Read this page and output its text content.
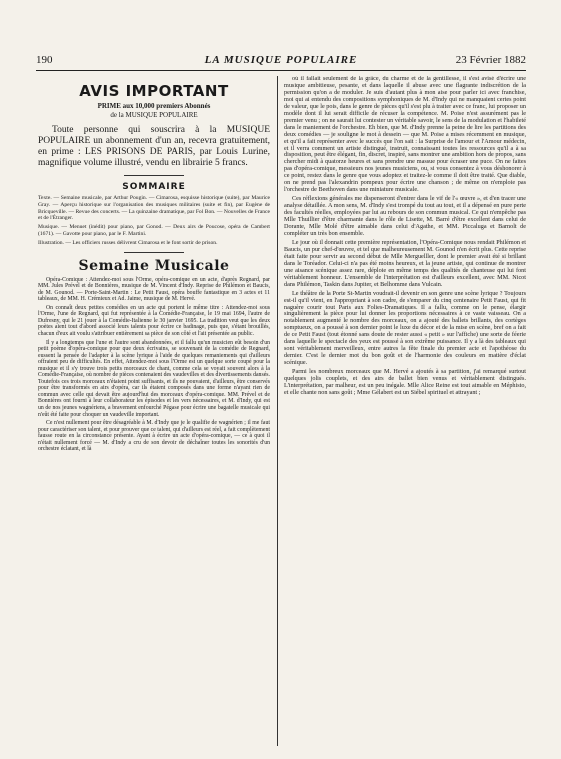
190	LA MUSIQUE POPULAIRE	23 Février 1882
AVIS IMPORTANT
PRIME aux 10,000 premiers Abonnés
de la MUSIQUE POPULAIRE

Toute personne qui souscrira à la MUSIQUE POPULAIRE un abonnement d'un an, recevra gratuitement, en prime : LES PRISONS DE PARIS, par Louis Lurine, magnifique volume illustré, vendu en librairie 5 francs.

SOMMAIRE

Texte. — Semaine musicale, par Arthur Pougin. — Cimarosa, esquisse historique (suite), par Maurice Gray. — Aperçu historique sur l'organisation des musiques militaires (suite et fin), par Eugène de Bricqueville. — Revue des concerts. — La quinzaine dramatique, par Fol Bon. — Nouvelles de France et de l'Étranger.

Musique. — Menuet (inédit) pour piano, par Gonod. — Deux airs de Poucose, opéra de Cambert (1671). — Gavotte pour piano, par le F. Martini.

Illustration. — Les officiers russes délivrent Cimarosa et le font sortir de prison.

Semaine Musicale

Opéra-Comique : Attendez-moi sous l'Orme, opéra-comique en un acte, d'après Regnard, par MM. Jules Prével et de Bonnières, musique de M. Vincent d'Indy. Reprise de Philémon et Baucis, de M. Gounod. — Porte-Saint-Martin : Le Petit Faust, opéra bouffe fantastique en 3 actes et 11 tableaux, de MM. H. Crémieux et Ad. Jaime, musique de M. Hervé.

On connaît deux petites comédies en un acte qui portent le même titre : Attendez-moi sous l'Orme, l'une de Regnard, qui fut représentée à la Comédie-Française, le 19 mai 1694, l'autre de Dufresny, qui le 21 jouer à la Comédie-Italienne le 30 janvier 1695. La tradition veut que les deux poètes aient tout d'abord associé leurs talents pour écrire ce badinage, puis que, s'étant brouillés, chacun d'eux ait voulu s'attribuer entièrement sa pièce de son côté et l'ait présentée au public.

Il y a longtemps que l'une et l'autre sont abandonnées, et il fallu qu'un musicien eût besoin d'un petit poème d'opéra-comique pour que deux écrivains, se souvenant de la comédie de Regnard, eussent la pensée de l'adapter à la scène lyrique à l'aide de quelques remaniements qui d'ailleurs offraient peu de difficultés. En effet, Attendez-moi sous l'Orme est un quelque sorte coupé pour la musique et il s'y trouve trois petits morceaux de chant, comme cela se voyait souvent alors à la Comédie-Française, où nombre de pièces contenaient des vaudevilles et des divertissements dansés. Toutefois ces trois morceaux n'étaient point suffisants, et ils ne pouvaient, d'ailleurs, être conservés pour être transformés en airs d'opéra, car ils étaient composés dans une forme n'ayant rien de commun avec celle qui devait être aujourd'hui des morceaux d'opéra-comique. MM. Prével et de Bonnières ont fourni à leur collaborateur les épisodes et les vers nécessaires, et M. d'Indy, qui est un de nos jeunes wagnériens, a bravement enfourché Pégase pour écrire une bagatelle musicale qui n'eût été faite pour choquer un vaudeville important.

Ce n'est nullement pour être désagréable à M. d'Indy que je le qualifie de wagnérien ; il me faut pour caractériser son talent, et pour prouver que ce talent, qui d'ailleurs est réel, a fait complètement fausse route en la circonstance présente. Ayant à écrire un acte d'opéra-comique, — ce à quoi il n'était nullement forcé — M. d'Indy a cru de son devoir de déchaîner toutes les sonorités d'un orchestre éclatant, et là

où il fallait seulement de la grâce, du charme et de la gentillesse, il s'est avisé d'écrire une musique ambitieuse, pesante, et dans laquelle il abuse avec une flagrante indiscrétion de la permission qu'on a de moduler. Je suis d'autant plus à mon aise pour parler ici avec franchise, moi qui ai entendu des compositions symphoniques de M. d'Indy qui ne manquaient certes point de valeur, que le pois, dans le genre de pièces qu'il s'est plu à traiter avec ce franc, lui proposer un modèle dont il lui serait difficile de récuser la compétence. M. Poise n'est assurément pas le premier venu ; on ne saurait lui contester un véritable savoir, le sens de la modulation et l'habileté dans le maniement de l'orchestre. Eh bien, que M. d'Indy prenne la peine de lire les partitions des deux comédies — je souligne le mot à dessein — que M. Poise a mises récemment en musique, et qu'il a fait représenter avec le succès que l'on sait : la Surprise de l'amour et l'Amour médecin, et il verra comment un artiste distingué, instruit, connaissant toutes les ressources qu'il a à sa disposition, peut être élégant, fin, discret, inspiré, sans montrer une ambition hors de propos, sans chercher midi à quatorze heures et sans prendre une massue pour écraser une puce. On ne faites pas d'opéra-comique, messieurs nos jeunes musiciens, ou, si vous consentez à vous déshonorer à ce point, restez dans le genre que vous adoptez et traitez-le comme il doit être traité. Que diable, on ne prend pas l'alexandrin pompeux pour écrire une chanson ; de même on n'emploie pas l'orchestre de Beethoven dans une miniature musicale.

Ces réflexions générales me dispenseront d'entrer dans le vif de l'« œuvre », et d'en tracer une analyse détaillée. A mon sens, M. d'Indy s'est trompé du tout au tout, et il a dépensé en pure perte des facultés réelles, employées par lui au rebours de son commun musical. Ce qui n'empêche pas Mlle Thuillier d'être charmante dans le rôle de Lisette, M. Barré d'être excellent dans celui de Dorante, Mlle Molé d'être aimable dans celui d'Agathe, et MM. Piccaluga et Barnolt de compléter un très bon ensemble.

Le jour où il donnait cette première représentation, l'Opéra-Comique nous rendait Philémon et Baucis, un pur chef-d'œuvre, et tel que malheureusement M. Gounod n'en écrit plus. Cette reprise était faite pour servir au second début de Mlle Merguelller, dont le premier avait été si brillant dans le Toréador. Celui-ci n'a pas été moins heureux, et la jeune artiste, qui continue de montrer une aisance scénique assez rare, déploie en même temps des qualités de chanteuse qui lui font véritablement honneur. L'ensemble de l'interprétation est d'ailleurs excellent, avec MM. Nicot dans Philémon, Taskin dans Jupiter, et Belhomme dans Vulcain.

Le théâtre de la Porte St-Martin voudrait-il devenir en son genre une scène lyrique ? Toujours est-il qu'il vient, en l'appropriant à son cadre, de s'emparer du cinq centenaire Petit Faust, qui fit naguère courir tout Paris aux Folies-Dramatiques. Il a fallu, comme on le pense, élargir singulièrement la pièce pour lui donner les proportions nécessaires à ce vaste vaisseau. On a notablement augmenté le nombre des morceaux, on a ajouté des ballets brillants, des cortèges somptueux, on a poussé à son dernier point le luxe du décor et de la mise en scène, bref on a fait de ce Petit Faust (tout étonné sans doute de rester aussi « petit » sur l'affiche) une sorte de féerie dans laquelle le spectacle des yeux est poussé à son extrême puissance. Il y a là des tableaux qui sont véritablement merveilleux, entre autres la fête finale du premier acte et l'apothéose du dernier. C'est le dernier mot du bon goût et de l'harmonie des couleurs en matière d'éclat scénique.

Parmi les nombreux morceaux que M. Hervé a ajoutés à sa partition, j'ai remarqué surtout quelques jolis couplets, et des airs de ballet bien venus et véritablement distingués. L'interprétation, par malheur, est un peu inégale. Mlle Alice Reine est tout aimable en Méphisto, et elle chante non sans goût ; Mme Gélabert est un Siébel spirituel et attrayant ;
